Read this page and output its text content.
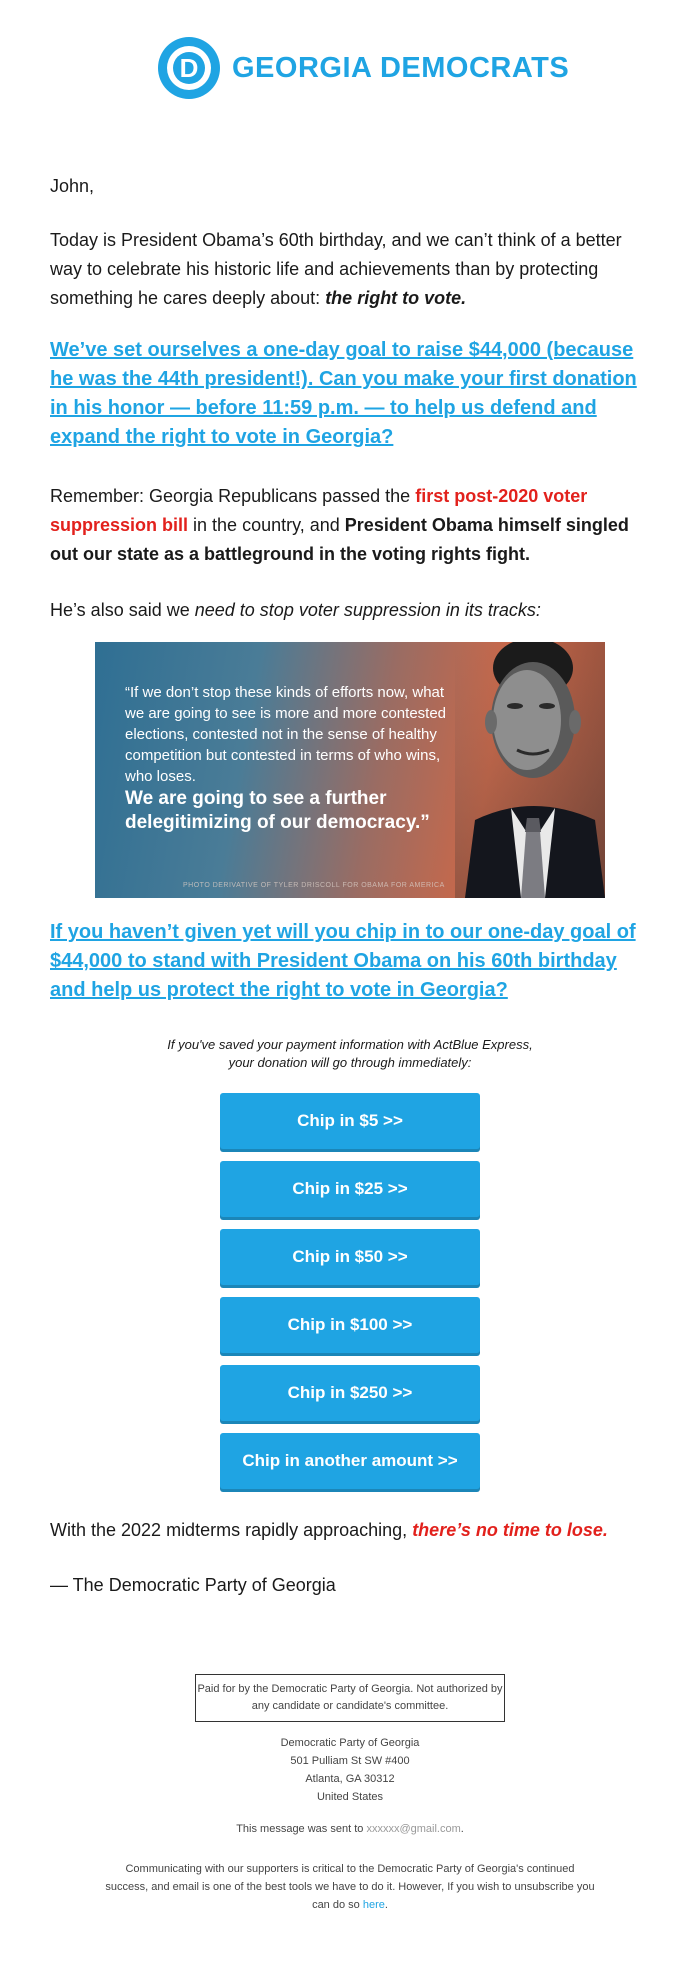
D	GEORGIA DEMOCRATS

John,

Today is President Obama’s 60th birthday, and we can’t think of a better way to celebrate his historic life and achievements than by protecting something he cares deeply about: the right to vote.

We’ve set ourselves a one-day goal to raise $44,000 (because he was the 44th president!). Can you make your first donation in his honor — before 11:59 p.m. — to help us defend and expand the right to vote in Georgia?

Remember: Georgia Republicans passed the first post-2020 voter suppression bill in the country, and President Obama himself singled out our state as a battleground in the voting rights fight.

He’s also said we need to stop voter suppression in its tracks:

“If we don’t stop these kinds of efforts now, what we are going to see is more and more contested elections, contested not in the sense of healthy competition but contested in terms of who wins, who loses.
We are going to see a further delegitimizing of our democracy.”
PHOTO DERIVATIVE OF TYLER DRISCOLL FOR OBAMA FOR AMERICA
If you haven’t given yet will you chip in to our one-day goal of $44,000 to stand with President Obama on his 60th birthday and help us protect the right to vote in Georgia?
If you've saved your payment information with ActBlue Express,
your donation will go through immediately:
Chip in $5 >>
Chip in $25 >>
Chip in $50 >>
Chip in $100 >>
Chip in $250 >>
Chip in another amount >>

With the 2022 midterms rapidly approaching, there’s no time to lose.

— The Democratic Party of Georgia

Paid for by the Democratic Party of Georgia. Not authorized by any candidate or candidate's committee.
Democratic Party of Georgia
501 Pulliam St SW #400
Atlanta, GA 30312
United States
This message was sent to xxxxxx@gmail.com.
Communicating with our supporters is critical to the Democratic Party of Georgia's continued success, and email is one of the best tools we have to do it. However, If you wish to unsubscribe you can do so here.
